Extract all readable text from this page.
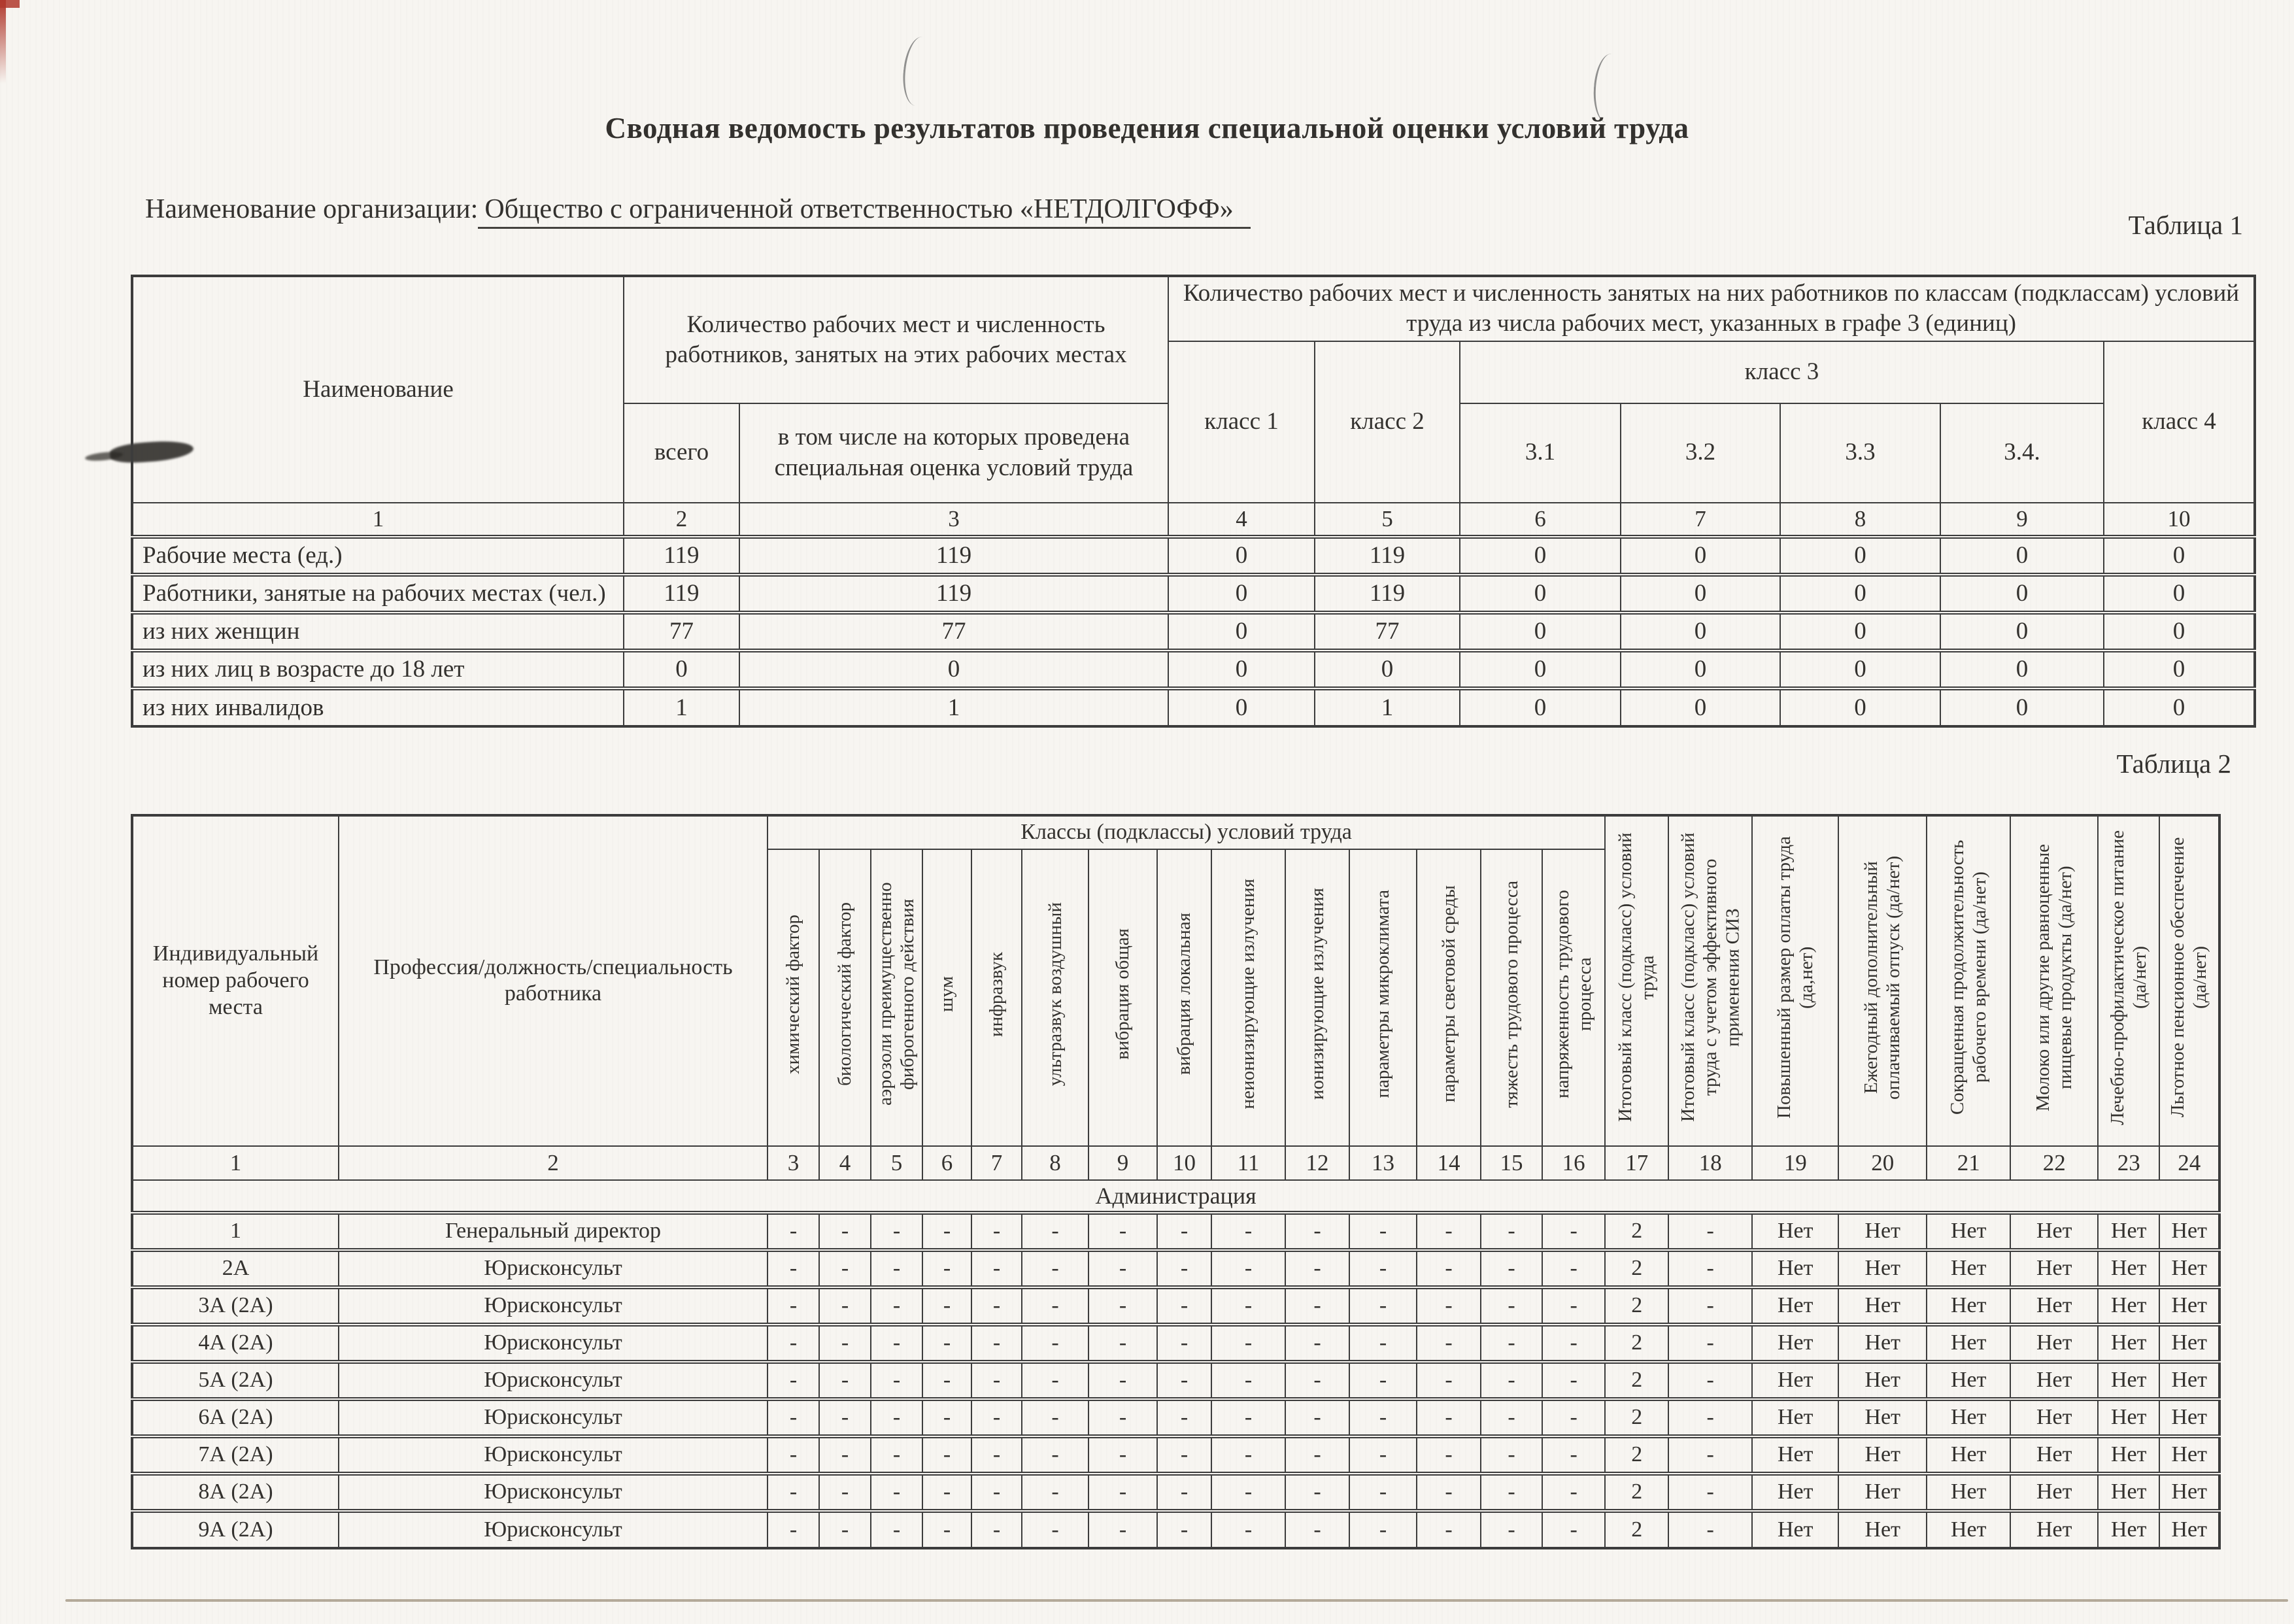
Сводная ведомость результатов проведения специальной оценки условий труда
Наименование организации: Общество с ограниченной ответственностью «НЕТДОЛГОФФ»
Таблица 1
Наименование	Количество рабочих мест и численность работников, занятых на этих рабочих местах		Количество рабочих мест и численность занятых на них работников по классам (подклассам) условий труда из числа рабочих мест, указанных в графе 3 (единиц)						
			класс 1	класс 2	класс 3				класс 4
	всего	в том числе на которых проведена специальная оценка условий труда			3.1	3.2	3.3	3.4.	
1	2	3	4	5	6	7	8	9	10
Рабочие места (ед.)	119	119	0	119	0	0	0	0	0
Работники, занятые на рабочих местах (чел.)	119	119	0	119	0	0	0	0	0
из них женщин	77	77	0	77	0	0	0	0	0
из них лиц в возрасте до 18 лет	0	0	0	0	0	0	0	0	0
из них инвалидов	1	1	0	1	0	0	0	0	0
Таблица 2
Индивидуальный номер рабочего места	Профессия/должность/специальность работника	Классы (подклассы) условий труда														Итоговый класс (подкласс) условий труда	Итоговый класс (подкласс) условий труда с учетом эффективного применения СИЗ	Повышенный размер оплаты труда (да,нет)	Ежегодный дополнительный оплачиваемый отпуск (да/нет)	Сокращенная продолжительность рабочего времени (да/нет)	Молоко или другие равноценные пищевые продукты (да/нет)	Лечебно-профилактическое питание (да/нет)	Льготное пенсионное обеспечение (да/нет)
		химический фактор	биологический фактор	аэрозоли преимущественно фиброгенного действия	шум	инфразвук	ультразвук воздушный	вибрация общая	вибрация локальная	неионизирующие излучения	ионизирующие излучения	параметры микроклимата	параметры световой среды	тяжесть трудового процесса	напряженность трудового процесса								
1	2	3	4	5	6	7	8	9	10	11	12	13	14	15	16	17	18	19	20	21	22	23	24
Администрация																							
1	Генеральный директор	-	-	-	-	-	-	-	-	-	-	-	-	-	-	2	-	Нет	Нет	Нет	Нет	Нет	Нет
2А	Юрисконсульт	-	-	-	-	-	-	-	-	-	-	-	-	-	-	2	-	Нет	Нет	Нет	Нет	Нет	Нет
3А (2А)	Юрисконсульт	-	-	-	-	-	-	-	-	-	-	-	-	-	-	2	-	Нет	Нет	Нет	Нет	Нет	Нет
4А (2А)	Юрисконсульт	-	-	-	-	-	-	-	-	-	-	-	-	-	-	2	-	Нет	Нет	Нет	Нет	Нет	Нет
5А (2А)	Юрисконсульт	-	-	-	-	-	-	-	-	-	-	-	-	-	-	2	-	Нет	Нет	Нет	Нет	Нет	Нет
6А (2А)	Юрисконсульт	-	-	-	-	-	-	-	-	-	-	-	-	-	-	2	-	Нет	Нет	Нет	Нет	Нет	Нет
7А (2А)	Юрисконсульт	-	-	-	-	-	-	-	-	-	-	-	-	-	-	2	-	Нет	Нет	Нет	Нет	Нет	Нет
8А (2А)	Юрисконсульт	-	-	-	-	-	-	-	-	-	-	-	-	-	-	2	-	Нет	Нет	Нет	Нет	Нет	Нет
9А (2А)	Юрисконсульт	-	-	-	-	-	-	-	-	-	-	-	-	-	-	2	-	Нет	Нет	Нет	Нет	Нет	Нет
